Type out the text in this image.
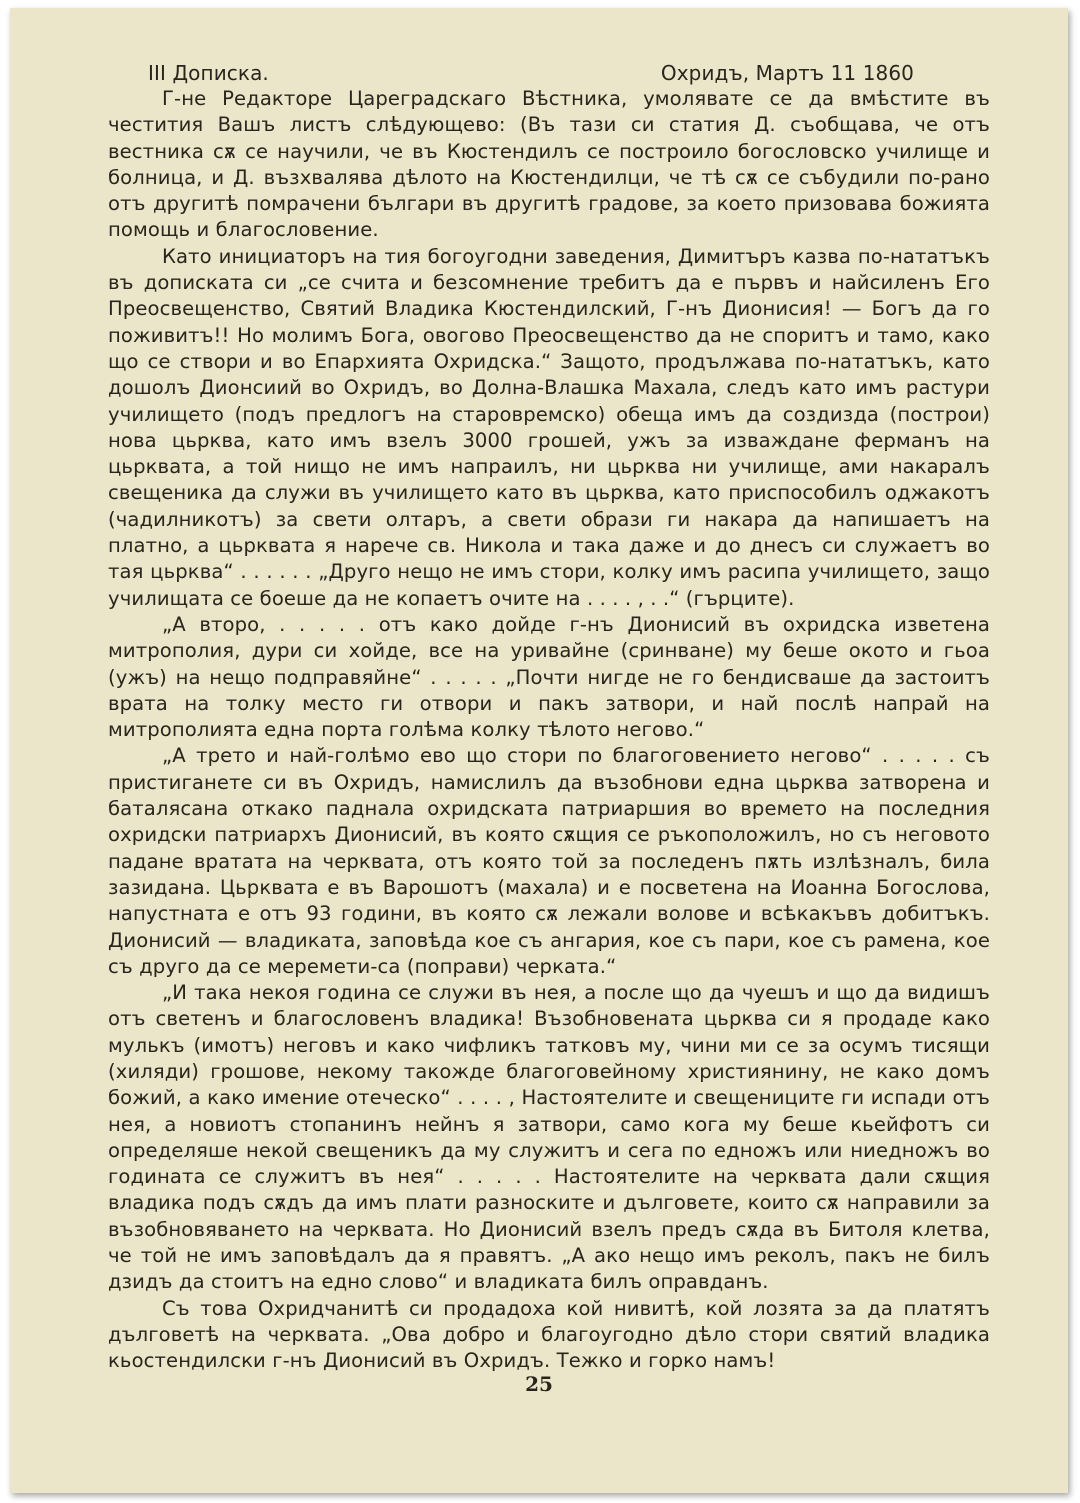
III Дописка.	Охридъ, Мартъ 11 1860

Г-не Редакторе Цареградскаго Вѣстника, умолявате се да вмѣстите въ честития Вашъ листъ слѣдующево: (Въ тази си статия Д. съобщава, че отъ вестника сѫ се научили, че въ Кюстендилъ се построило богословско училище и болница, и Д. възхвалява дѣлото на Кюстендилци, че тѣ сѫ се събудили по-рано отъ другитѣ помрачени българи въ другитѣ градове, за което призовава божията помощь и благословение.

Като инициаторъ на тия богоугодни заведения, Димитъръ казва по-нататъкъ въ дописката си „се счита и безсомнение требитъ да е първъ и найсиленъ Его Преосвещенство, Святий Владика Кюстендилский, Г-нъ Дионисия! — Богъ да го поживитъ!! Но молимъ Бога, овогово Преосвещенство да не споритъ и тамо, како що се створи и во Епархията Охридска.“ Защото, продължава по-нататъкъ, като дошолъ Дионсиий во Охридъ, во Долна-Влашка Махала, следъ като имъ растури училището (подъ предлогъ на старовремско) обеща имъ да создизда (построи) нова цьрква, като имъ взелъ 3000 грошей, ужъ за изваждане ферманъ на цьрквата, а той нищо не имъ напраилъ, ни цьрква ни училище, ами накаралъ свещеника да служи въ училището като въ цьрква, като приспособилъ оджакотъ (чадилникотъ) за свети олтаръ, а свети образи ги накара да напишаетъ на платно, а цьрквата я нарече св. Никола и така даже и до днесъ си служаетъ во тая цьрква“ . . . . . . „Друго нещо не имъ стори, колку имъ расипа училището, защо училищата се боеше да не копаетъ очите на . . . . , . .“ (гърците).

„А второ, . . . . . отъ како дойде г-нъ Дионисий въ охридска изветена митрополия, дури си хойде, все на уривайне (сринване) му беше окото и гьоа (ужъ) на нещо подправяйне“ . . . . . „Почти нигде не го бендисваше да застоитъ врата на толку место ги отвори и пакъ затвори, и най послѣ напрай на митрополията една порта голѣма колку тѣлото негово.“

„А трето и най-голѣмо ево що стори по благоговението негово“ . . . . . съ пристиганете си въ Охридъ, намислилъ да възобнови една цьрква затворена и баталясана откако паднала охридската патриаршия во времето на последния охридски патриархъ Дионисий, въ която сѫщия се ръкоположилъ, но съ неговото падане вратата на черквата, отъ която той за последенъ пѫть излѣзналъ, била зазидана. Цьрквата е въ Варошотъ (махала) и е посветена на Иоанна Богослова, напустната е отъ 93 години, въ която сѫ лежали волове и всѣкакъвъ добитъкъ. Дионисий — владиката, заповѣда кое съ ангария, кое съ пари, кое съ рамена, кое съ друго да се меремети-са (поправи) черката.“

„И така некоя година се служи въ нея, а после що да чуешъ и що да видишъ отъ светенъ и благословенъ владика! Възобновената цьрква си я продаде како мулькъ (имотъ) неговъ и како чифликъ татковъ му, чини ми се за осумъ тисящи (хиляди) грошове, некому такожде благоговейному християнину, не како домъ божий, а како имение отеческо“ . . . . , Настоятелите и свещениците ги испади отъ нея, а новиотъ стопанинъ нейнъ я затвори, само кога му беше кьейфотъ си определяше некой свещеникъ да му служитъ и сега по едножъ или ниедножъ во годината се служитъ въ нея“ . . . . . Настоятелите на черквата дали сѫщия владика подъ сѫдъ да имъ плати разноските и дълговете, които сѫ направили за възобновяването на черквата. Но Дионисий взелъ предъ сѫда въ Битоля клетва, че той не имъ заповѣдалъ да я правятъ. „А ако нещо имъ реколъ, пакъ не билъ дзидъ да стоитъ на едно слово“ и владиката билъ оправданъ.

Съ това Охридчанитѣ си продадоха кой нивитѣ, кой лозята за да платятъ дълговетѣ на черквата. „Ова добро и благоугодно дѣло стори святий владика кьостендилски г-нъ Дионисий въ Охридъ. Тежко и горко намъ!

25
